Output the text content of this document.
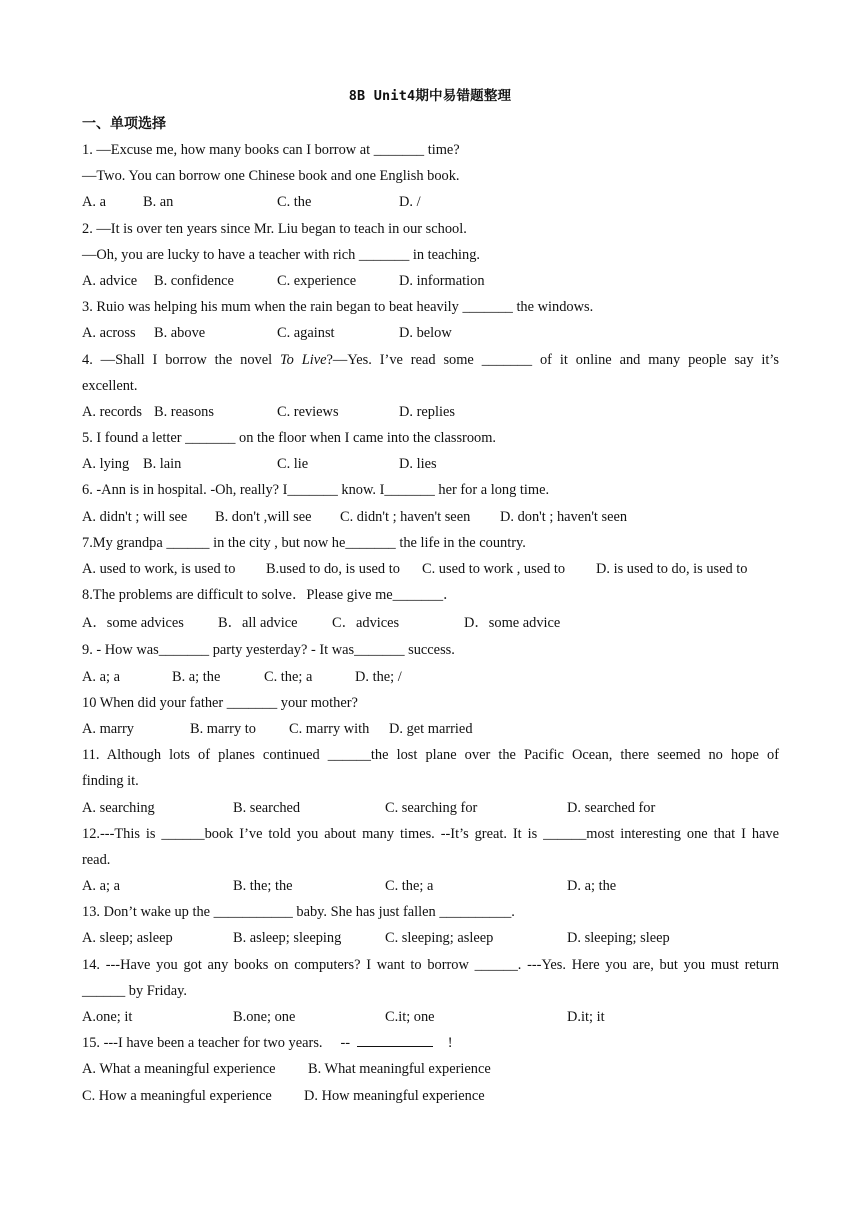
8B Unit4期中易错题整理
一、单项选择
1. —Excuse me, how many books can I borrow at _______ time?
—Two. You can borrow one Chinese book and one English book.
A. a	B. an	C. the	D. /
2. —It is over ten years since Mr. Liu began to teach in our school.
—Oh, you are lucky to have a teacher with rich _______ in teaching.
A. advice B. confidence	C. experience	D. information
3. Ruio was helping his mum when the rain began to beat heavily _______ the windows.
A. across B. above	C. against	D. below
4. —Shall I borrow the novel To Live?—Yes. I’ve read some _______ of it online and many people say it’s
excellent.
A. records B. reasons	C. reviews	D. replies
5. I found a letter _______ on the floor when I came into the classroom.
A. lying B. lain	C. lie	D. lies
6. -Ann is in hospital. -Oh, really? I_______ know. I_______ her for a long time.
A. didn't ; will see B. don't ,will see C. didn't ; haven't seen D. don't ; haven't seen
7.My grandpa ______ in the city , but now he_______ the life in the country.
A. used to work, is used to B.used to do, is used to C. used to work , used to D. is used to do, is used to
8.The problems are difficult to solve．Please give me_______．
A．some advices B．all advice C．advices	D．some advice
9. - How was_______ party yesterday? - It was_______ success.
A. a; a	B. a; the	C. the; a	D. the; /
10 When did your father _______ your mother?
A. marry	B. marry to C. marry with D. get married
11. Although lots of planes continued ______the lost plane over the Pacific Ocean, there seemed no hope of
finding it.
A. searching	B. searched	C. searching for	D. searched for
12.---This is ______book I’ve told you about many times. --It’s great. It is ______most interesting one that I have
read.
A. a; a	B. the; the	C. the; a	D. a; the
13. Don’t wake up the ___________ baby. She has just fallen __________.
A. sleep; asleep	B. asleep; sleeping	C. sleeping; asleep	D. sleeping; sleep
14. ---Have you got any books on computers? I want to borrow ______. ---Yes. Here you are, but you must return
______ by Friday.
A.one; it	B.one; one	C.it; one	D.it; it
15. ---I have been a teacher for two years.     --	!
A. What a meaningful experience B. What meaningful experience
C. How a meaningful experience D. How meaningful experience
